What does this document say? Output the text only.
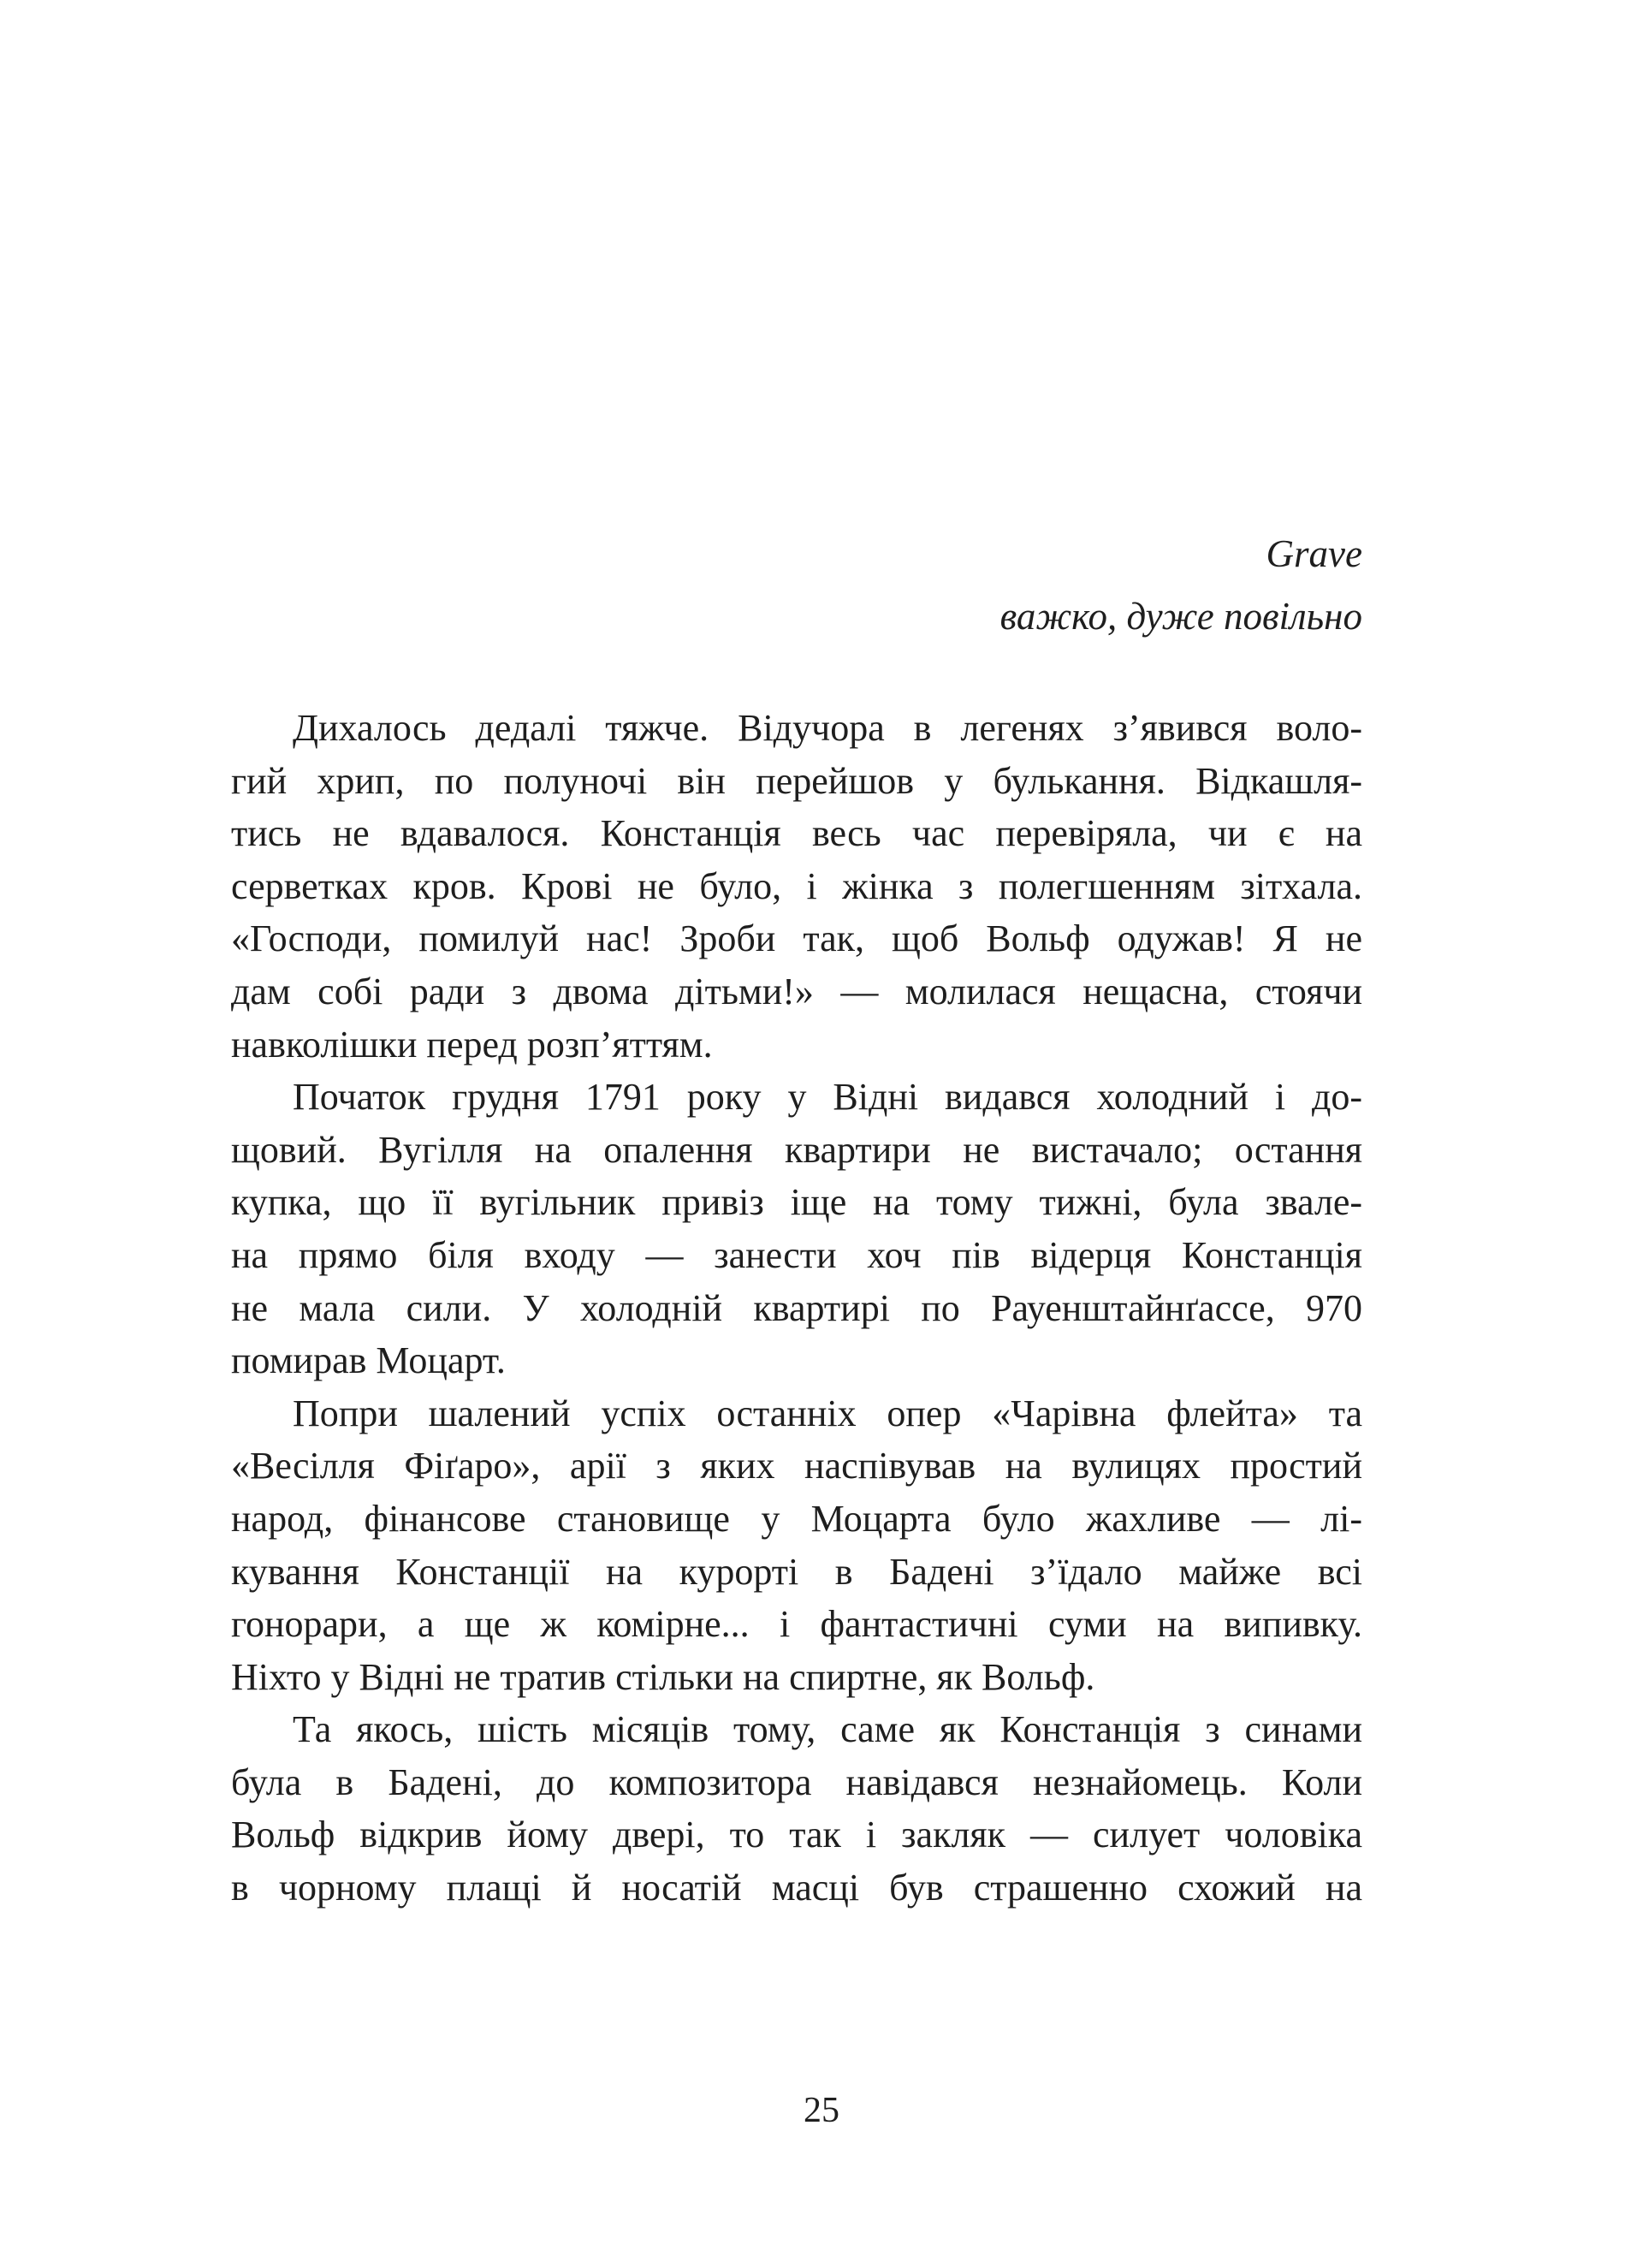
Grave
важко, дуже повільно
Дихалось дедалі тяжче. Відучора в легенях з’явився воло-
гий хрип, по полуночі він перейшов у булькання. Відкашля-
тись не вдавалося. Констанція весь час перевіряла, чи є на
серветках кров. Крові не було, і жінка з полегшенням зітхала.
«Господи, помилуй нас! Зроби так, щоб Вольф одужав! Я не
дам собі ради з двома дітьми!» — молилася нещасна, стоячи
навколішки перед розп’яттям.
Початок грудня 1791 року у Відні видався холодний і до-
щовий. Вугілля на опалення квартири не вистачало; остання
купка, що її вугільник привіз іще на тому тижні, була звале-
на прямо біля входу — занести хоч пів відерця Констанція
не мала сили. У холодній квартирі по Рауенштайнґассе, 970
помирав Моцарт.
Попри шалений успіх останніх опер «Чарівна флейта» та
«Весілля Фіґаро», арії з яких наспівував на вулицях простий
народ, фінансове становище у Моцарта було жахливе — лі-
кування Констанції на курорті в Бадені з’їдало майже всі
гонорари, а ще ж комірне... і фантастичні суми на випивку.
Ніхто у Відні не тратив стільки на спиртне, як Вольф.
Та якось, шість місяців тому, саме як Констанція з синами
була в Бадені, до композитора навідався незнайомець. Коли
Вольф відкрив йому двері, то так і закляк — силует чоловіка
в чорному плащі й носатій масці був страшенно схожий на
25
